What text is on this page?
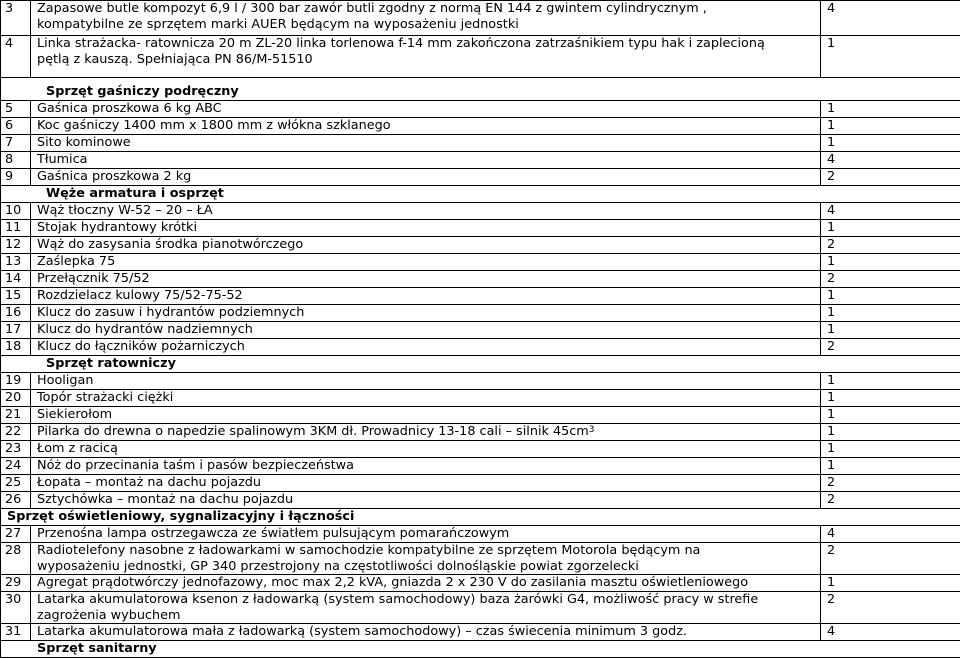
3	Zapasowe butle kompozyt 6,9 l / 300 bar zawór butli zgodny z normą EN 144 z gwintem cylindrycznym ,
kompatybilne ze sprzętem marki AUER będącym na wyposażeniu jednostki	4
4	Linka strażacka- ratownicza 20 m ZL-20 linka torlenowa f-14 mm zakończona zatrzaśnikiem typu hak i zaplecioną
pętlą z kauszą. Spełniająca PN 86/M-51510	1
Sprzęt gaśniczy podręczny		
5	Gaśnica proszkowa 6 kg ABC	1
6	Koc gaśniczy 1400 mm x 1800 mm z włókna szklanego	1
7	Sito kominowe	1
8	Tłumica	4
9	Gaśnica proszkowa 2 kg	2
Węże armatura i osprzęt		
10	Wąż tłoczny W-52 – 20 – ŁA	4
11	Stojak hydrantowy krótki	1
12	Wąż do zasysania środka pianotwórczego	2
13	Zaślepka 75	1
14	Przełącznik 75/52	2
15	Rozdzielacz kulowy 75/52-75-52	1
16	Klucz do zasuw i hydrantów podziemnych	1
17	Klucz do hydrantów nadziemnych	1
18	Klucz do łączników pożarniczych	2
Sprzęt ratowniczy		
19	Hooligan	1
20	Topór strażacki ciężki	1
21	Siekierołom	1
22	Pilarka do drewna o napedzie spalinowym 3KM dł. Prowadnicy 13-18 cali – silnik $45cm^3$	1
23	Łom z racicą	1
24	Nóż do przecinania taśm i pasów bezpieczeństwa	1
25	Łopata – montaż na dachu pojazdu	2
26	Sztychówka – montaż na dachu pojazdu	2
Sprzęt oświetleniowy, sygnalizacyjny i łączności		
27	Przenośna lampa ostrzegawcza ze światłem pulsującym pomarańczowym	4
28	Radiotelefony nasobne z ładowarkami w samochodzie kompatybilne ze sprzętem Motorola będącym na
wyposażeniu jednostki, GP 340 przestrojony na częstotliwości dolnośląskie powiat zgorzelecki	2
29	Agregat prądotwórczy jednofazowy, moc max 2,2 kVA, gniazda 2 x 230 V do zasilania masztu oświetleniowego	1
30	Latarka akumulatorowa ksenon z ładowarką (system samochodowy) baza żarówki G4, możliwość pracy w strefie
zagrożenia wybuchem	2
31	Latarka akumulatorowa mała z ładowarką (system samochodowy) – czas świecenia minimum 3 godz.	4
Sprzęt sanitarny		
